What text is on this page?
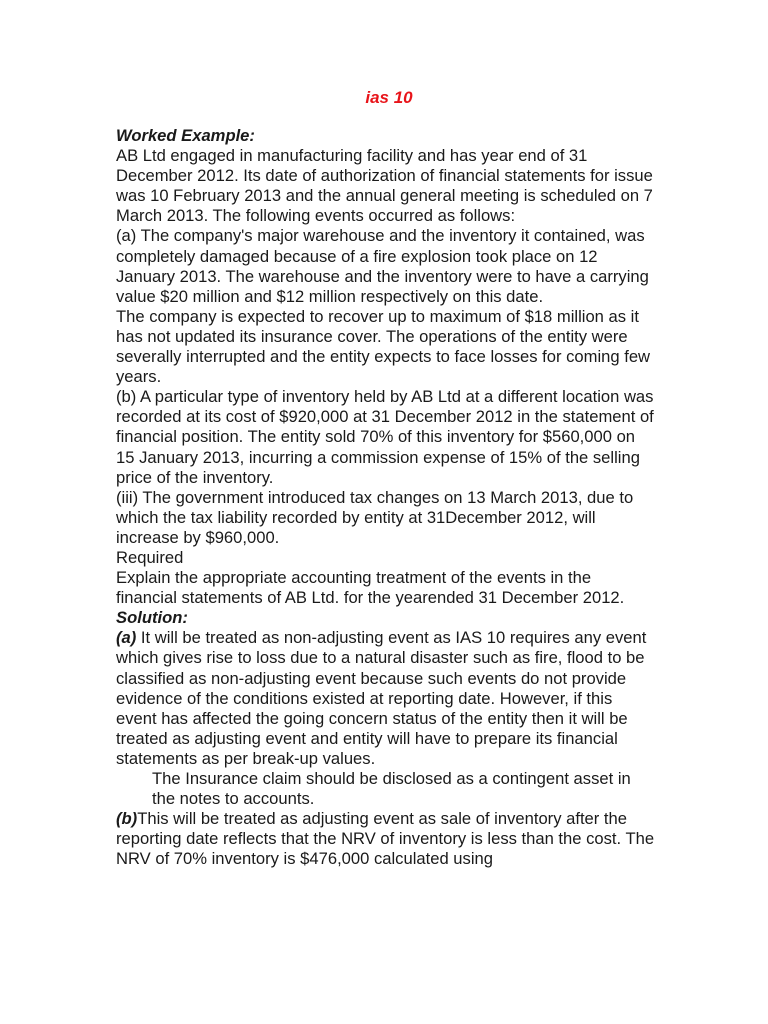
ias 10

Worked Example:

AB Ltd engaged in manufacturing facility and has year end of 31 December 2012. Its date of authorization of financial statements for issue was 10 February 2013 and the annual general meeting is scheduled on 7 March 2013. The following events occurred as follows:

(a) The company's major warehouse and the inventory it contained, was completely damaged because of a fire explosion took place on 12 January 2013. The warehouse and the inventory were to have a carrying value $20 million and $12 million respectively on this date.

The company is expected to recover up to maximum of $18 million as it has not updated its insurance cover. The operations of the entity were severally interrupted and the entity expects to face losses for coming few years.

(b) A particular type of inventory held by AB Ltd at a different location was recorded at its cost of $920,000 at 31 December 2012 in the statement of financial position. The entity sold 70% of this inventory for $560,000 on 15 January 2013, incurring a commission expense of 15% of the selling price of the inventory.

(iii) The government introduced tax changes on 13 March 2013, due to which the tax liability recorded by entity at 31December 2012, will increase by $960,000.

Required

Explain the appropriate accounting treatment of the events in the financial statements of AB Ltd. for the yearended 31 December 2012.

Solution:

(a) It will be treated as non-adjusting event as IAS 10 requires any event which gives rise to loss due to a natural disaster such as fire, flood to be classified as non-adjusting event because such events do not provide evidence of the conditions existed at reporting date. However, if this event has affected the going concern status of the entity then it will be treated as adjusting event and entity will have to prepare its financial statements as per break-up values.

The Insurance claim should be disclosed as a contingent asset in the notes to accounts.

(b)This will be treated as adjusting event as sale of inventory after the reporting date reflects that the NRV of inventory is less than the cost. The NRV of 70% inventory is $476,000 calculated using
